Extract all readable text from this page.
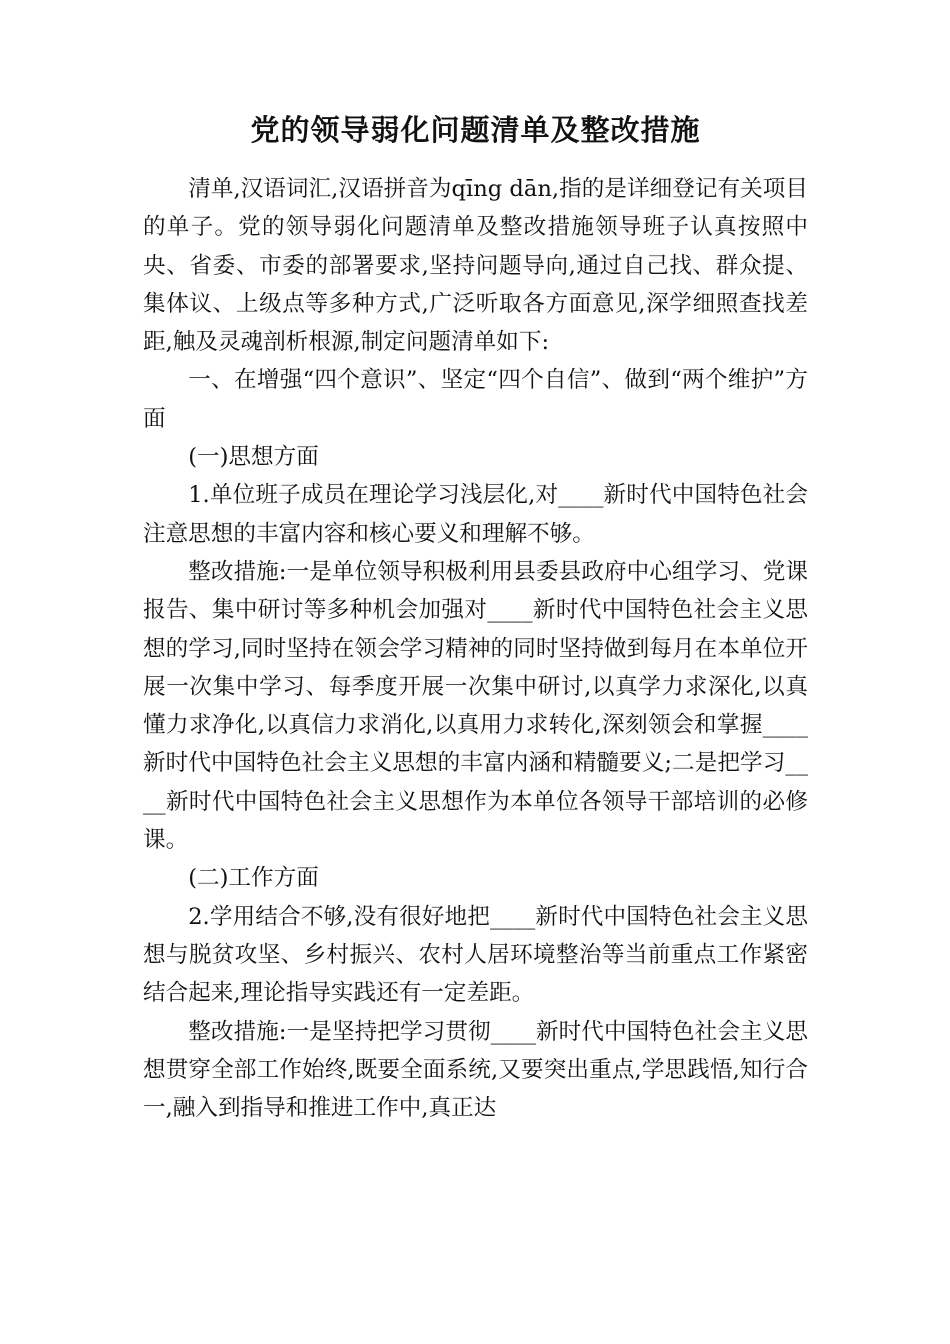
党的领导弱化问题清单及整改措施

清单,汉语词汇,汉语拼音为qīng dān,指的是详细登记有关项目的单子。党的领导弱化问题清单及整改措施领导班子认真按照中央、省委、市委的部署要求,坚持问题导向,通过自己找、群众提、集体议、上级点等多种方式,广泛听取各方面意见,深学细照查找差距,触及灵魂剖析根源,制定问题清单如下:

一、在增强“四个意识”、坚定“四个自信”、做到“两个维护”方面

(一)思想方面

1.单位班子成员在理论学习浅层化,对____新时代中国特色社会注意思想的丰富内容和核心要义和理解不够。

整改措施:一是单位领导积极利用县委县政府中心组学习、党课报告、集中研讨等多种机会加强对____新时代中国特色社会主义思想的学习,同时坚持在领会学习精神的同时坚持做到每月在本单位开展一次集中学习、每季度开展一次集中研讨,以真学力求深化,以真懂力求净化,以真信力求消化,以真用力求转化,深刻领会和掌握____新时代中国特色社会主义思想的丰富内涵和精髓要义;二是把学习____新时代中国特色社会主义思想作为本单位各领导干部培训的必修课。

(二)工作方面

2.学用结合不够,没有很好地把____新时代中国特色社会主义思想与脱贫攻坚、乡村振兴、农村人居环境整治等当前重点工作紧密结合起来,理论指导实践还有一定差距。

整改措施:一是坚持把学习贯彻____新时代中国特色社会主义思想贯穿全部工作始终,既要全面系统,又要突出重点,学思践悟,知行合一,融入到指导和推进工作中,真正达
